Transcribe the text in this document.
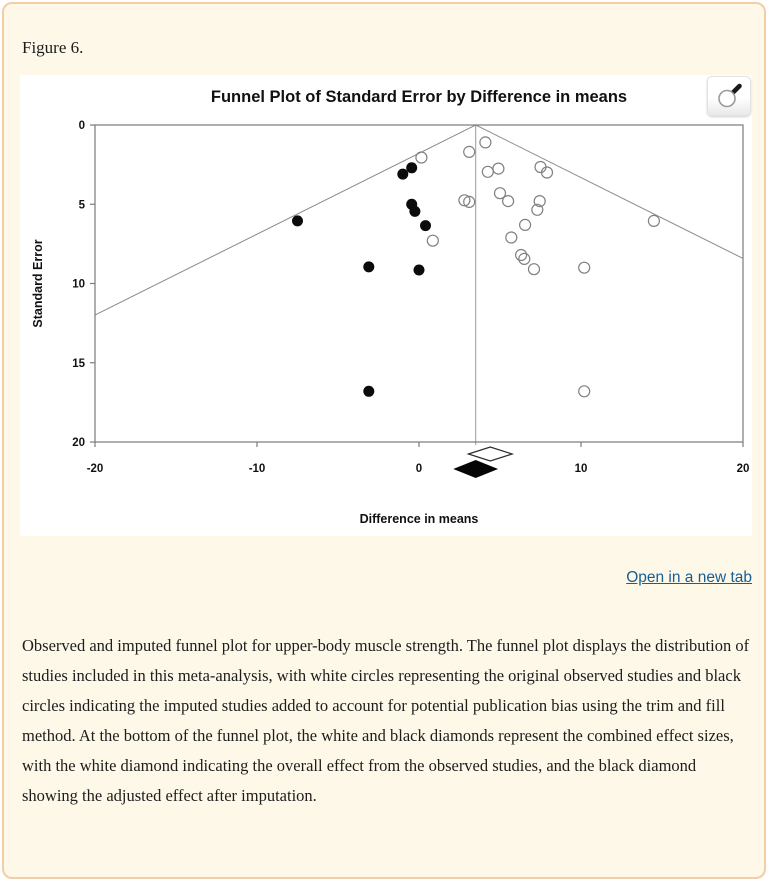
Figure 6.
Funnel Plot of Standard Error by Difference in means
0
5
10
15
20
-20	-10	0	10	20
Standard Error
Difference in means
Open in a new tab

Observed and imputed funnel plot for upper-body muscle strength. The funnel plot displays the distribution of studies included in this meta-analysis, with white circles representing the original observed studies and black circles indicating the imputed studies added to account for potential publication bias using the trim and fill method. At the bottom of the funnel plot, the white and black diamonds represent the combined effect sizes, with the white diamond indicating the overall effect from the observed studies, and the black diamond showing the adjusted effect after imputation.
